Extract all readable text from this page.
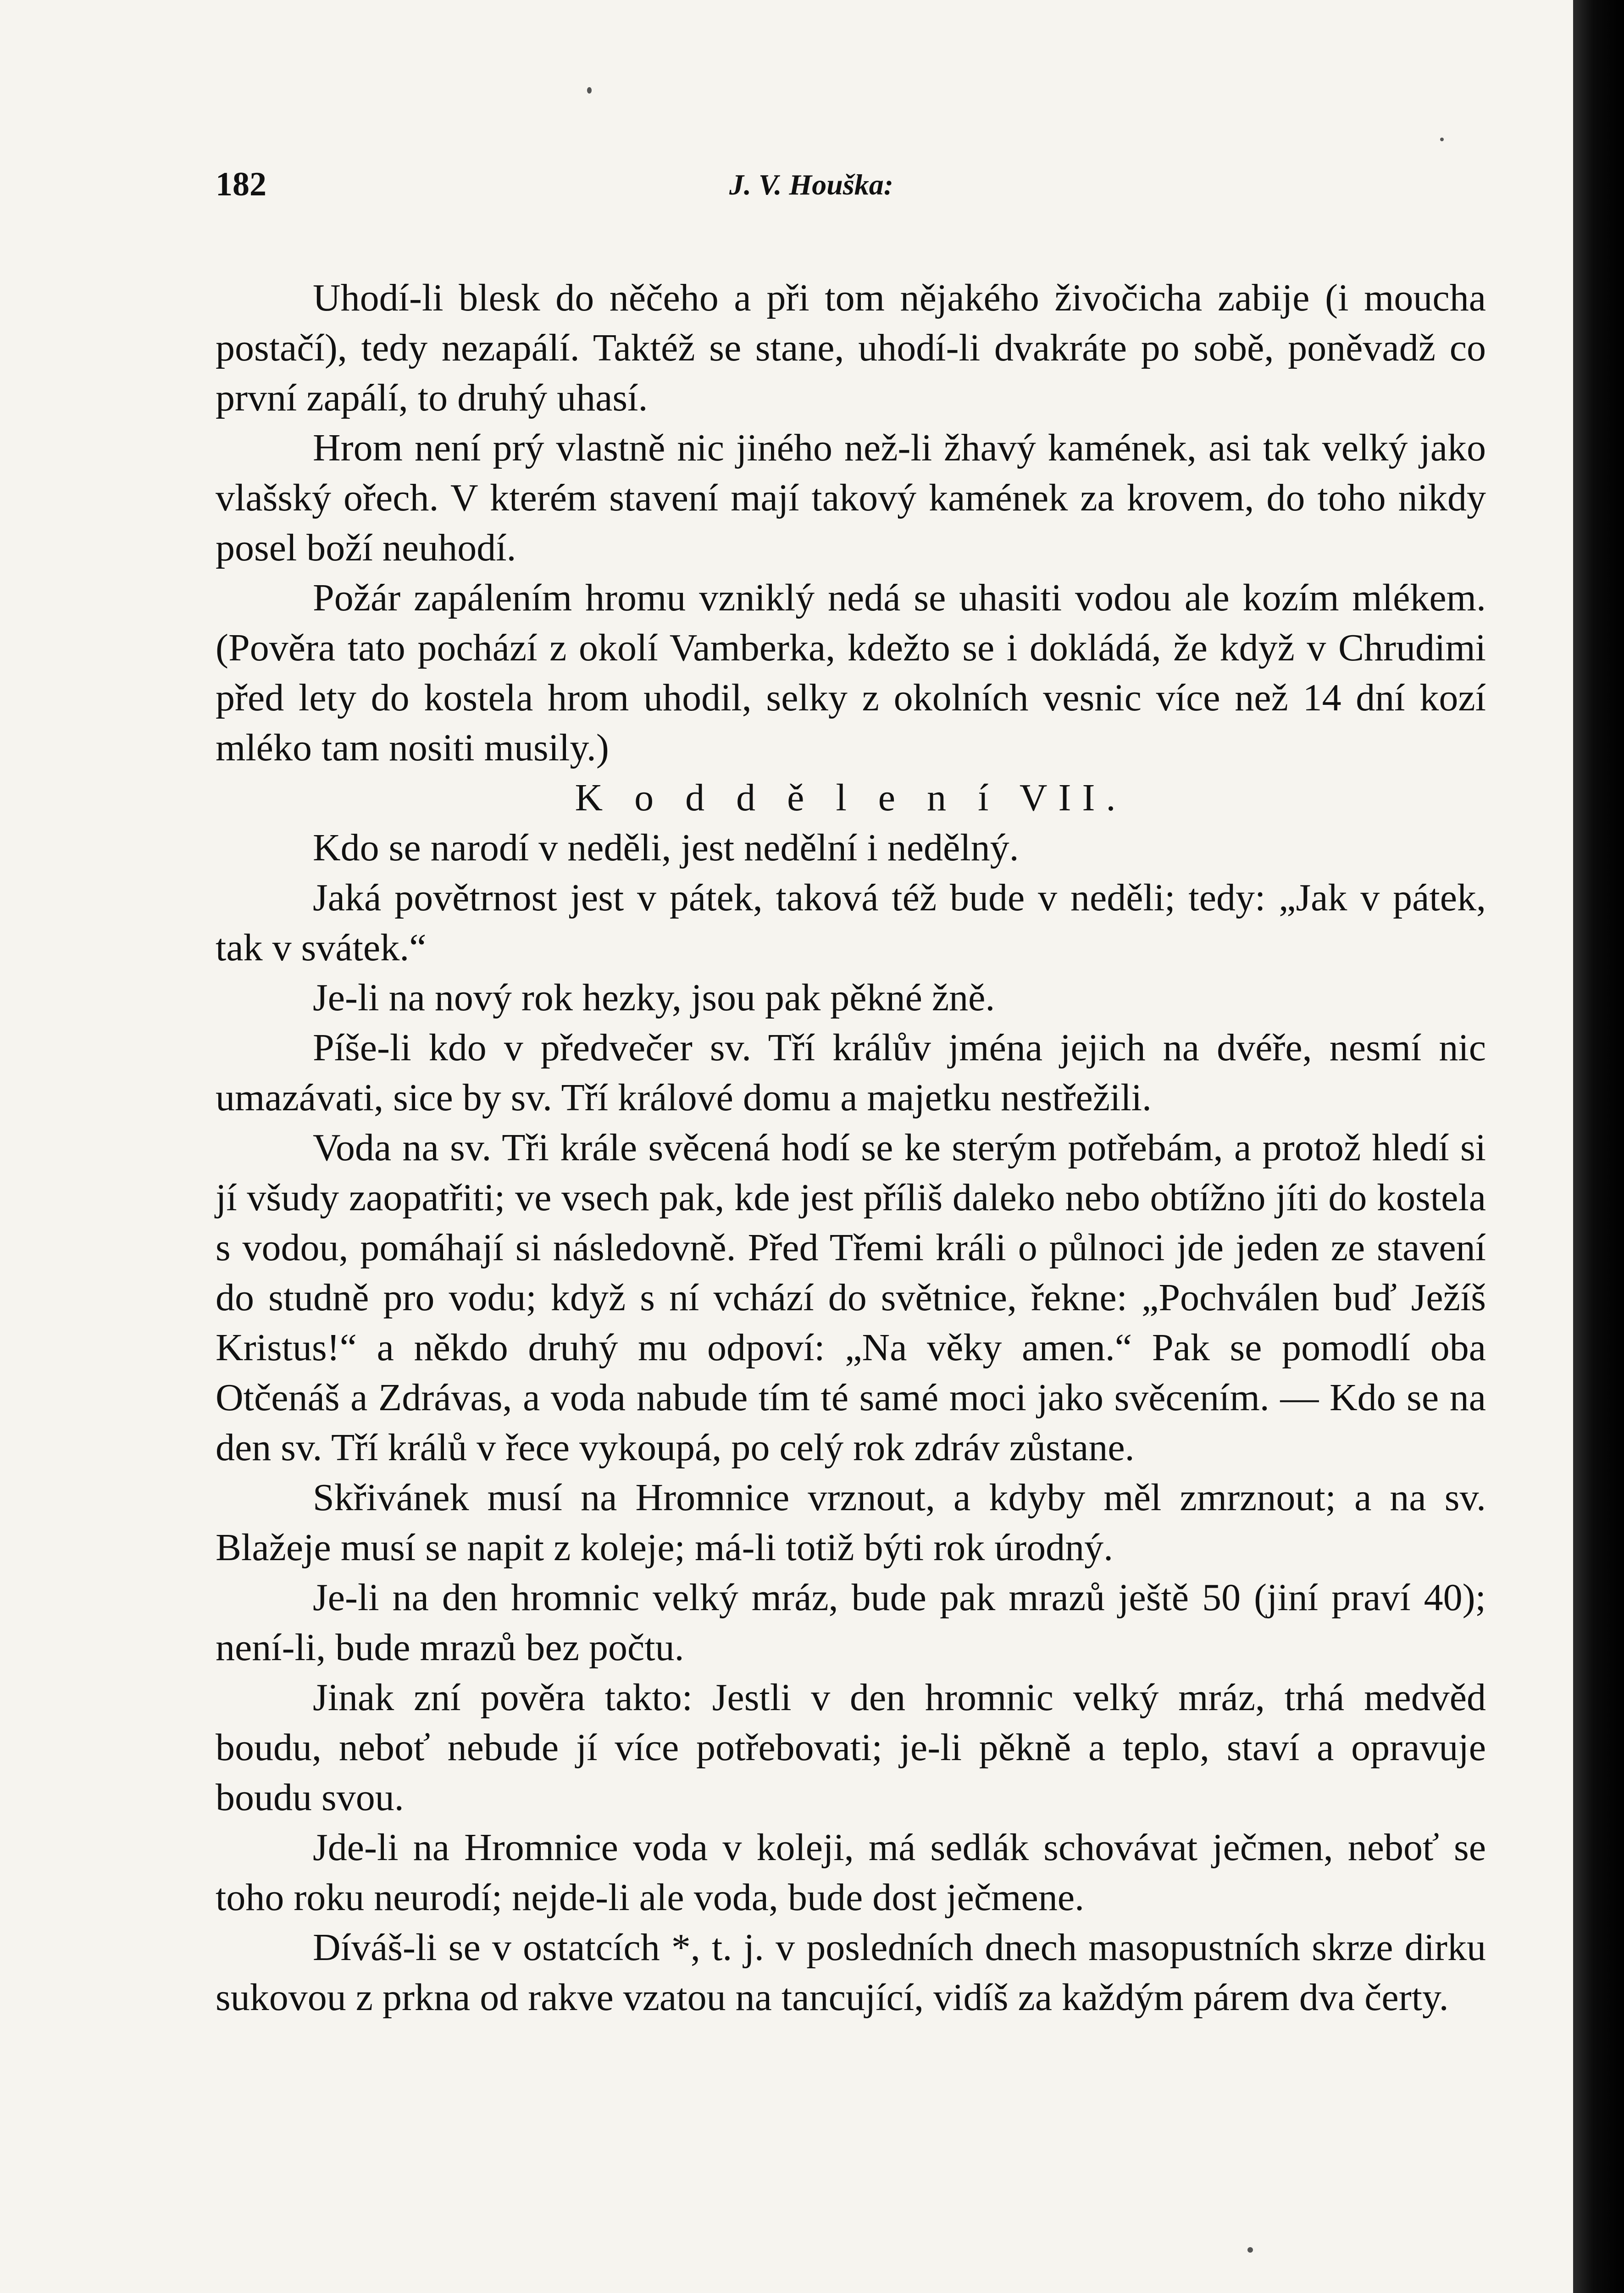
182	J. V. Houška:

Uhodí-li blesk do něčeho a při tom nějakého živočicha zabije (i moucha postačí), tedy nezapálí. Taktéž se stane, uhodí-li dvakráte po sobě, poněvadž co první zapálí, to druhý uhasí.

Hrom není prý vlastně nic jiného než-li žhavý kamének, asi tak velký jako vlašský ořech. V kterém stavení mají takový kamének za krovem, do toho nikdy posel boží neuhodí.

Požár zapálením hromu vzniklý nedá se uhasiti vodou ale kozím mlékem. (Pověra tato pochází z okolí Vamberka, kdežto se i dokládá, že když v Chrudimi před lety do kostela hrom uhodil, selky z okolních vesnic více než 14 dní kozí mléko tam nositi musily.)

K o d d ě l e n í VII.

Kdo se narodí v neděli, jest nedělní i nedělný.

Jaká povětrnost jest v pátek, taková též bude v neděli; tedy: „Jak v pátek, tak v svátek.“

Je-li na nový rok hezky, jsou pak pěkné žně.

Píše-li kdo v předvečer sv. Tří králův jména jejich na dvéře, nesmí nic umazávati, sice by sv. Tří králové domu a majetku nestřežili.

Voda na sv. Tři krále svěcená hodí se ke sterým potřebám, a protož hledí si jí všudy zaopatřiti; ve vsech pak, kde jest příliš daleko nebo obtížno jíti do kostela s vodou, pomáhají si následovně. Před Třemi králi o půlnoci jde jeden ze stavení do studně pro vodu; když s ní vchází do světnice, řekne: „Pochválen buď Ježíš Kristus!“ a někdo druhý mu odpoví: „Na věky amen.“ Pak se pomodlí oba Otčenáš a Zdrávas, a voda nabude tím té samé moci jako svěcením. — Kdo se na den sv. Tří králů v řece vykoupá, po celý rok zdráv zůstane.

Skřivánek musí na Hromnice vrznout, a kdyby měl zmrznout; a na sv. Blažeje musí se napit z koleje; má-li totiž býti rok úrodný.

Je-li na den hromnic velký mráz, bude pak mrazů ještě 50 (jiní praví 40); není-li, bude mrazů bez počtu.

Jinak zní pověra takto: Jestli v den hromnic velký mráz, trhá medvěd boudu, neboť nebude jí více potřebovati; je-li pěkně a teplo, staví a opravuje boudu svou.

Jde-li na Hromnice voda v koleji, má sedlák schovávat ječmen, neboť se toho roku neurodí; nejde-li ale voda, bude dost ječmene.

Díváš-li se v ostatcích *, t. j. v posledních dnech masopustních skrze dirku sukovou z prkna od rakve vzatou na tancující, vidíš za každým párem dva čerty.
